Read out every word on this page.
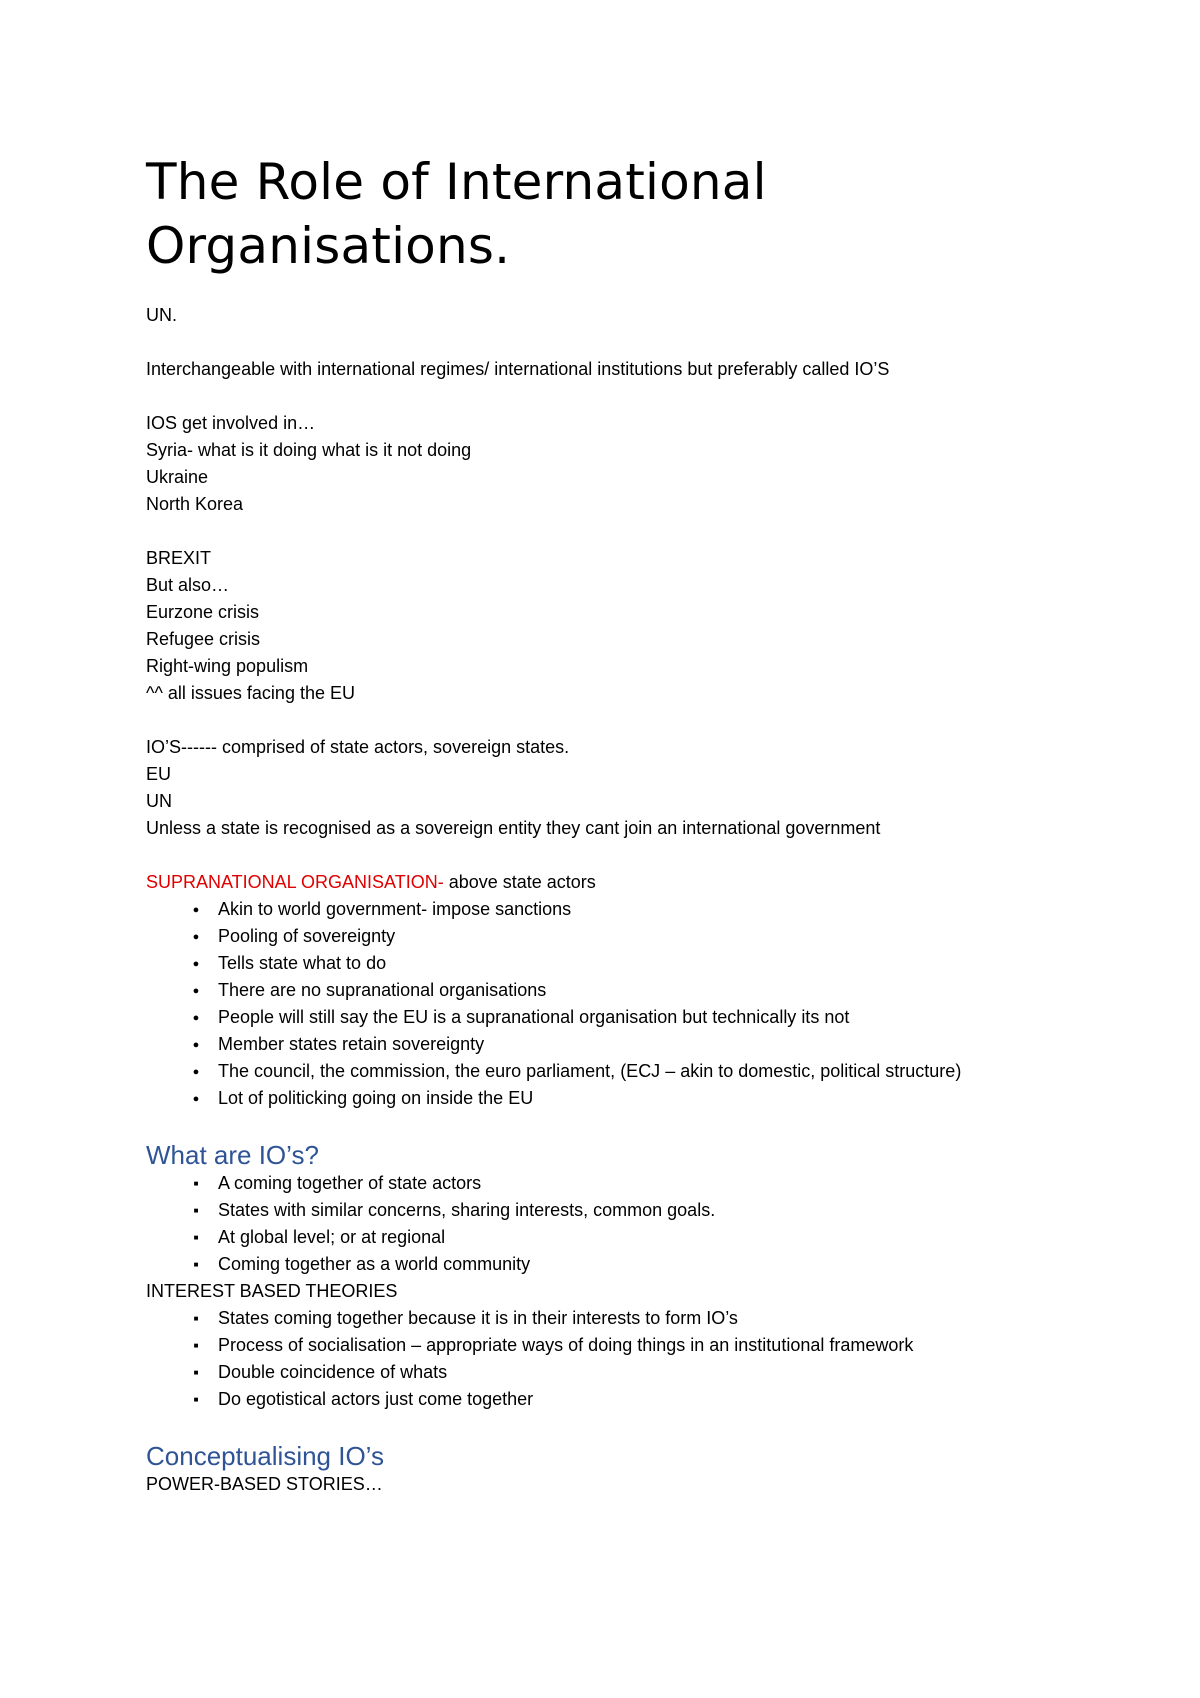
The Role of International
Organisations.
UN.
Interchangeable with international regimes/ international institutions but preferably called IO’S
IOS get involved in…
Syria- what is it doing what is it not doing
Ukraine
North Korea
BREXIT
But also…
Eurzone crisis
Refugee crisis
Right-wing populism
^^ all issues facing the EU
IO’S------ comprised of state actors, sovereign states.
EU
UN
Unless a state is recognised as a sovereign entity they cant join an international government
SUPRANATIONAL ORGANISATION- above state actors
●
Akin to world government- impose sanctions
●
Pooling of sovereignty
●
Tells state what to do
●
There are no supranational organisations
●
People will still say the EU is a supranational organisation but technically its not
●
Member states retain sovereignty
●
The council, the commission, the euro parliament, (ECJ – akin to domestic, political structure)
●
Lot of politicking going on inside the EU
What are IO’s?
■
A coming together of state actors
■
States with similar concerns, sharing interests, common goals.
■
At global level; or at regional
■
Coming together as a world community
INTEREST BASED THEORIES
■
States coming together because it is in their interests to form IO’s
■
Process of socialisation – appropriate ways of doing things in an institutional framework
■
Double coincidence of whats
■
Do egotistical actors just come together
Conceptualising IO’s
POWER-BASED STORIES…
